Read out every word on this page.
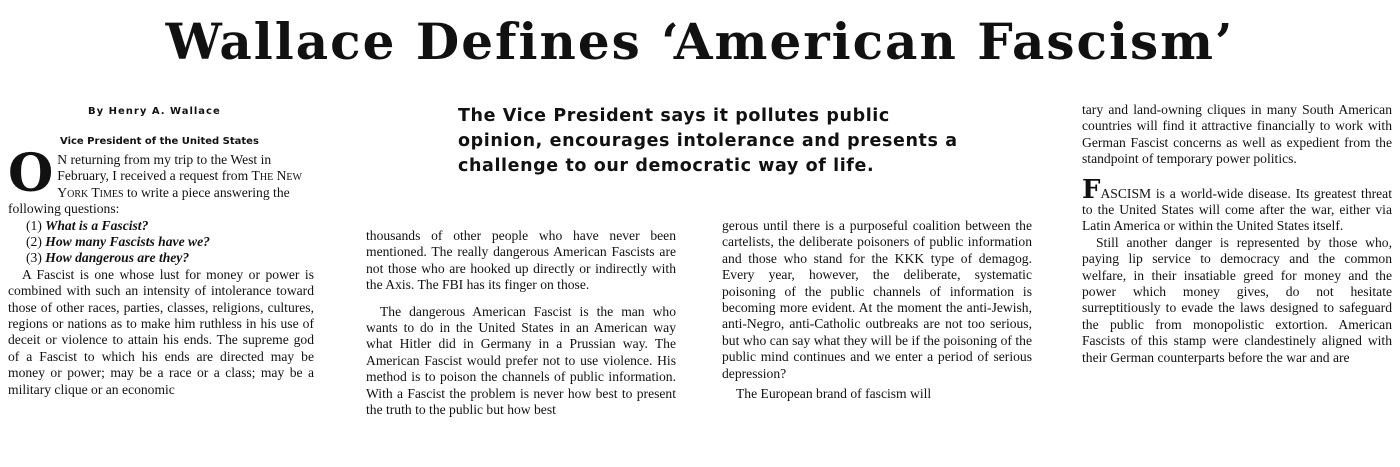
Wallace Defines ‘American Fascism’
By Henry A. Wallace
Vice President of the United States
O N returning from my trip to the West in February, I received a request from The New York Times to write a piece answering the following questions:
(1) What is a Fascist?
(2) How many Fascists have we?
(3) How dangerous are they?

A Fascist is one whose lust for money or power is combined with such an intensity of intolerance toward those of other races, parties, classes, religions, cultures, regions or nations as to make him ruthless in his use of deceit or violence to attain his ends. The supreme god of a Fascist to which his ends are directed may be money or power; may be a race or a class; may be a military clique or an economic

The Vice President says it pollutes public opinion, encourages intolerance and presents a challenge to our democratic way of life.

thousands of other people who have never been mentioned. The really dangerous American Fascists are not those who are hooked up directly or indirectly with the Axis. The FBI has its finger on those.

The dangerous American Fascist is the man who wants to do in the United States in an American way what Hitler did in Germany in a Prussian way. The American Fascist would prefer not to use violence. His method is to poison the channels of public information. With a Fascist the problem is never how best to present the truth to the public but how best

gerous until there is a purposeful coalition between the cartelists, the deliberate poisoners of public information and those who stand for the KKK type of demagog. Every year, however, the deliberate, systematic poisoning of the public channels of information is becoming more evident. At the moment the anti-Jewish, anti-Negro, anti-Catholic outbreaks are not too serious, but who can say what they will be if the poisoning of the public mind continues and we enter a period of serious depression?

The European brand of fascism will

tary and land-owning cliques in many South American countries will find it attractive financially to work with German Fascist concerns as well as expedient from the standpoint of temporary power politics.

FASCISM is a world-wide disease. Its greatest threat to the United States will come after the war, either via Latin America or within the United States itself.

Still another danger is represented by those who, paying lip service to democracy and the common welfare, in their insatiable greed for money and the power which money gives, do not hesitate surreptitiously to evade the laws designed to safeguard the public from monopolistic extortion. American Fascists of this stamp were clandestinely aligned with their German counterparts before the war and are
